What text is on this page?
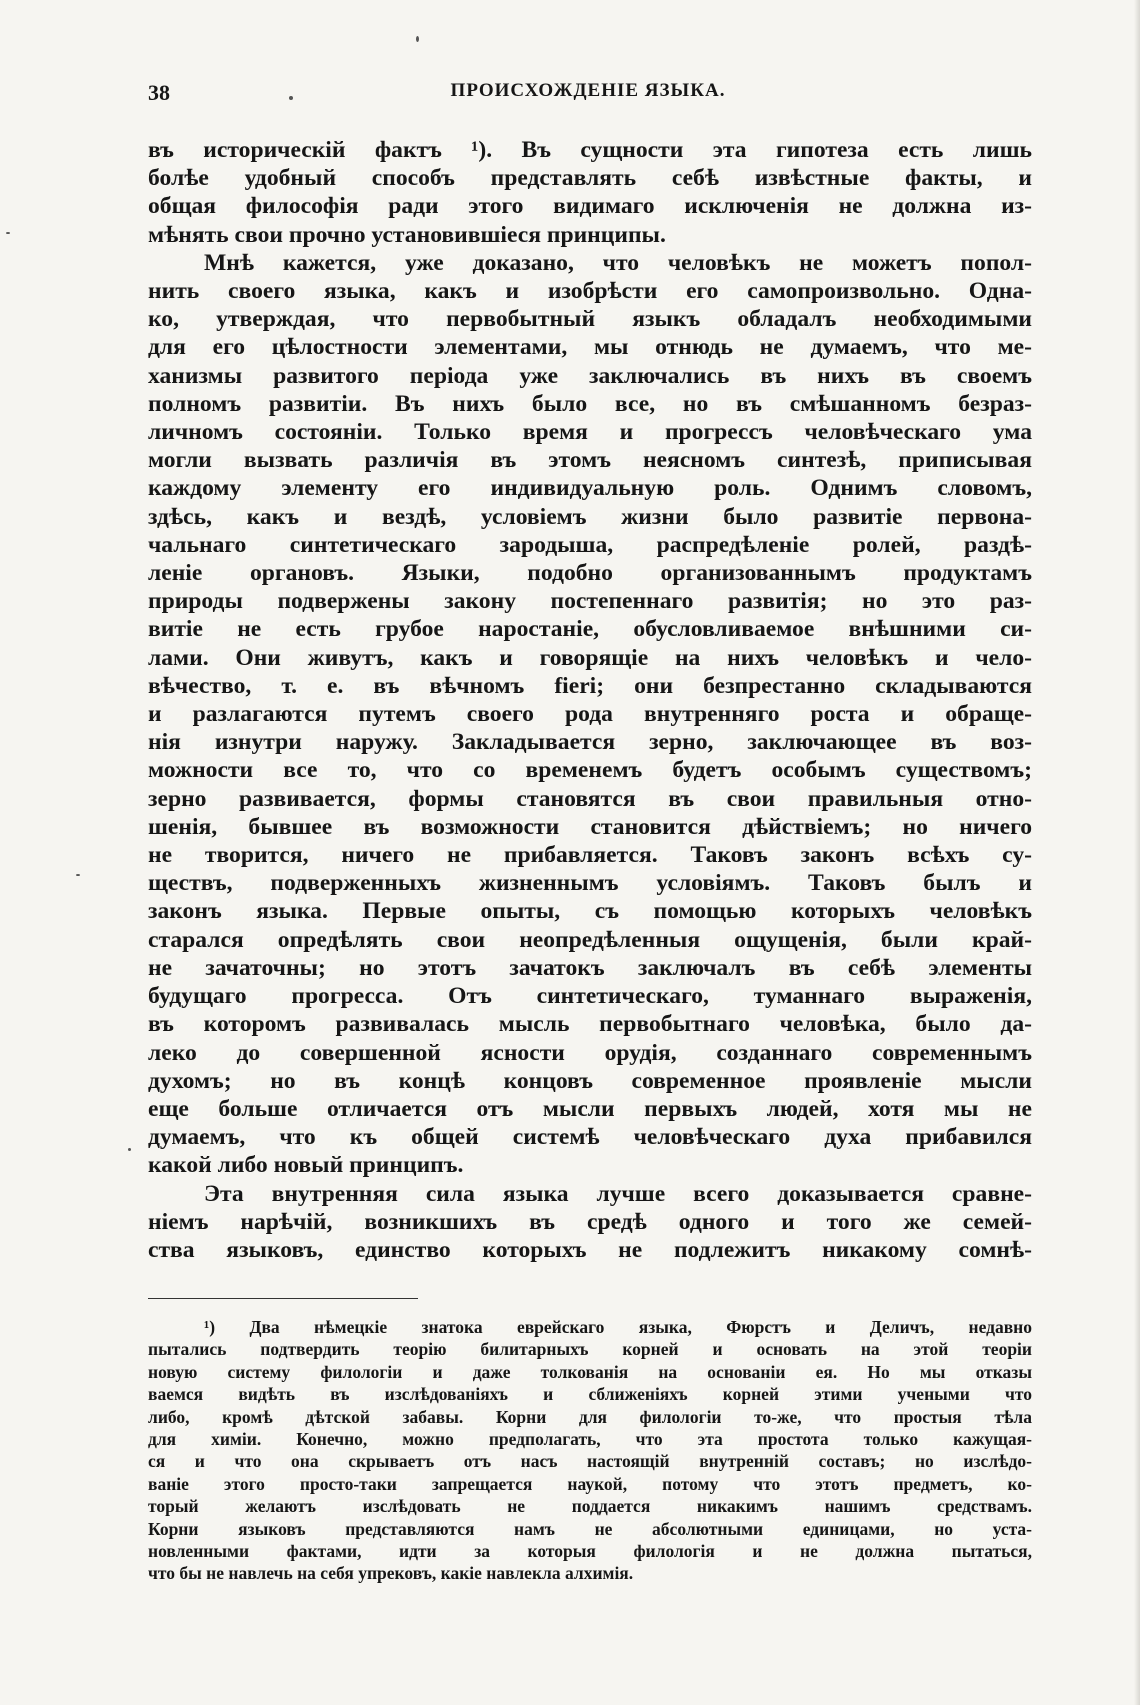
38	ПРОИСХОЖДЕНІЕ ЯЗЫКА.

въ историческій фактъ ¹). Въ сущности эта гипотеза есть лишь
болѣе удобный способъ представлять себѣ извѣстные факты, и
общая философія ради этого видимаго исключенія не должна из-
мѣнять свои прочно установившіеся принципы.

Мнѣ кажется, уже доказано, что человѣкъ не можетъ попол-
нить своего языка, какъ и изобрѣсти его самопроизвольно. Одна-
ко, утверждая, что первобытный языкъ обладалъ необходимыми
для его цѣлостности элементами, мы отнюдь не думаемъ, что ме-
ханизмы развитого періода уже заключались въ нихъ въ своемъ
полномъ развитіи. Въ нихъ было все, но въ смѣшанномъ безраз-
личномъ состояніи. Только время и прогрессъ человѣческаго ума
могли вызвать различія въ этомъ неясномъ синтезѣ, приписывая
каждому элементу его индивидуальную роль. Однимъ словомъ,
здѣсь, какъ и вездѣ, условіемъ жизни было развитіе первона-
чальнаго синтетическаго зародыша, распредѣленіе ролей, раздѣ-
леніе органовъ. Языки, подобно организованнымъ продуктамъ
природы подвержены закону постепеннаго развитія; но это раз-
витіе не есть грубое наростаніе, обусловливаемое внѣшними си-
лами. Они живутъ, какъ и говорящіе на нихъ человѣкъ и чело-
вѣчество, т. е. въ вѣчномъ fieri; они безпрестанно складываются
и разлагаются путемъ своего рода внутренняго роста и обраще-
нія изнутри наружу. Закладывается зерно, заключающее въ воз-
можности все то, что со временемъ будетъ особымъ существомъ;
зерно развивается, формы становятся въ свои правильныя отно-
шенія, бывшее въ возможности становится дѣйствіемъ; но ничего
не творится, ничего не прибавляется. Таковъ законъ всѣхъ су-
ществъ, подверженныхъ жизненнымъ условіямъ. Таковъ былъ и
законъ языка. Первые опыты, съ помощью которыхъ человѣкъ
старался опредѣлять свои неопредѣленныя ощущенія, были край-
не зачаточны; но этотъ зачатокъ заключалъ въ себѣ элементы
будущаго прогресса. Отъ синтетическаго, туманнаго выраженія,
въ которомъ развивалась мысль первобытнаго человѣка, было да-
леко до совершенной ясности орудія, созданнаго современнымъ
духомъ; но въ концѣ концовъ современное проявленіе мысли
еще больше отличается отъ мысли первыхъ людей, хотя мы не
думаемъ, что къ общей системѣ человѣческаго духа прибавился
какой либо новый принципъ.

Эта внутренняя сила языка лучше всего доказывается сравне-
ніемъ нарѣчій, возникшихъ въ средѣ одного и того же семей-
ства языковъ, единство которыхъ не подлежитъ никакому сомнѣ-

¹) Два нѣмецкіе знатока еврейскаго языка, Фюрстъ и Деличъ, недавно
пытались подтвердить теорію билитарныхъ корней и основать на этой теоріи
новую систему филологіи и даже толкованія на основаніи ея. Но мы отказы
ваемся видѣть въ изслѣдованіяхъ и сближеніяхъ корней этими учеными что
либо, кромѣ дѣтской забавы. Корни для филологіи то-же, что простыя тѣла
для химіи. Конечно, можно предполагать, что эта простота только кажущая-
ся и что она скрываетъ отъ насъ настоящій внутренній составъ; но изслѣдо-
ваніе этого просто-таки запрещается наукой, потому что этотъ предметъ, ко-
торый желаютъ изслѣдовать не поддается никакимъ нашимъ средствамъ.
Корни языковъ представляются намъ не абсолютными единицами, но уста-
новленными фактами, идти за которыя филологія и не должна пытаться,
что бы не навлечь на себя упрековъ, какіе навлекла алхимія.
